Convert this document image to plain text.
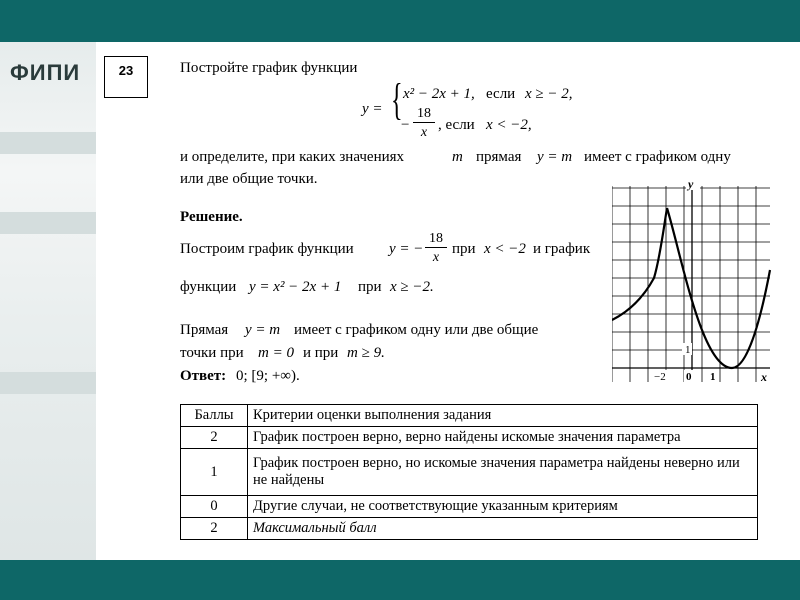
ФИПИ	23	Постройте график функции
y = { x² − 2x + 1, если x ≥ − 2,
−
18
x , если x < −2,
и определите, при каких значениях	m прямая y = m имеет с графиком одну
или две общие точки.
Решение.
Построим график функции y = −
18
x
при x < −2 и график
функции y = x² − 2x + 1 при x ≥ −2.
Прямая y = m имеет с графиком одну или две общие
точки при m = 0 и при m ≥ 9.
Ответ: 0; [9; +∞).
y
x
1
−2 0 1
Баллы	Критерии оценки выполнения задания
2	График построен верно, верно найдены искомые значения параметра
1	График построен верно, но искомые значения параметра найдены неверно или не найдены
0	Другие случаи, не соответствующие указанным критериям
2	Максимальный балл
